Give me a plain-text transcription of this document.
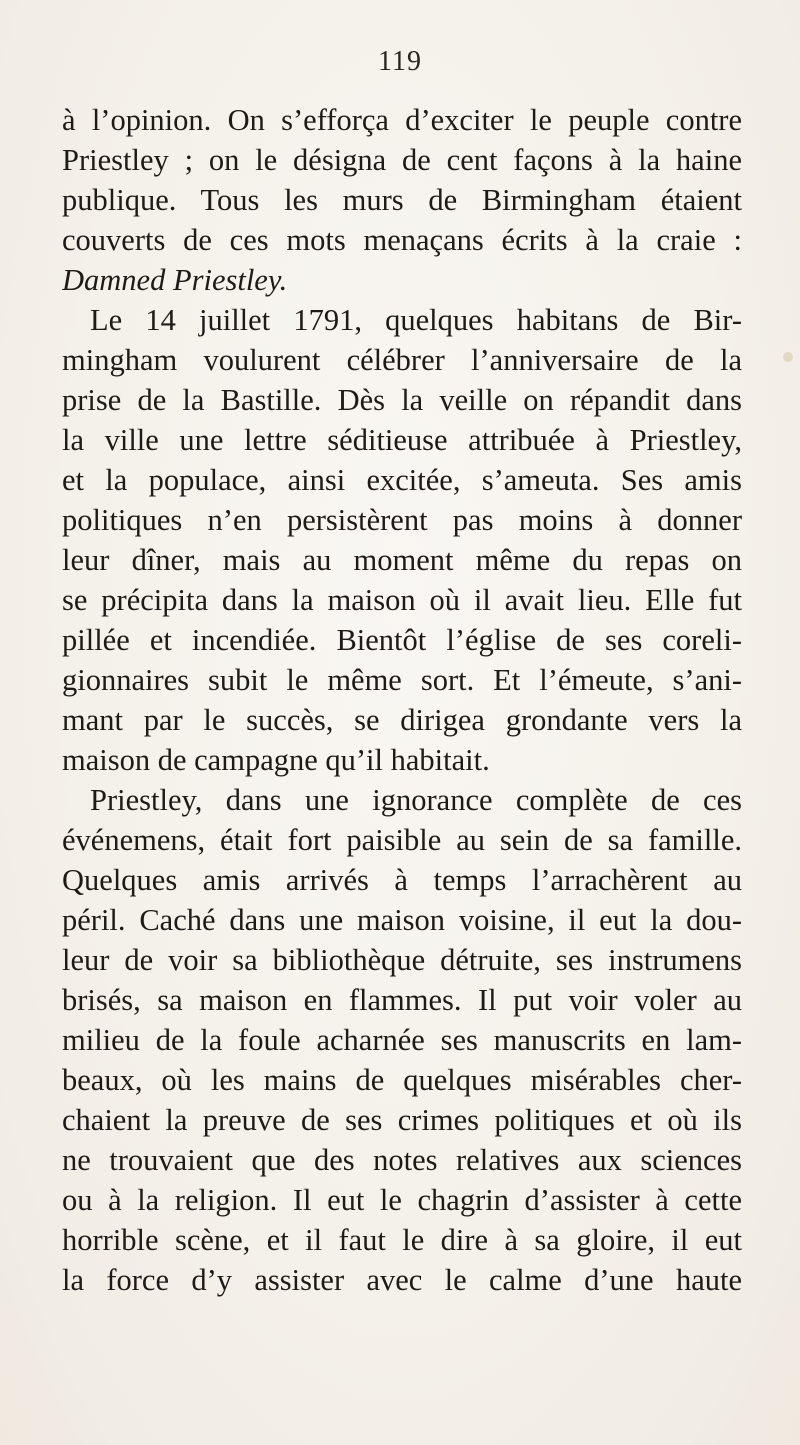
119
à l’opinion. On s’efforça d’exciter le peuple contre
Priestley ; on le désigna de cent façons à la haine
publique. Tous les murs de Birmingham étaient
couverts de ces mots menaçans écrits à la craie :
Damned Priestley.
Le 14 juillet 1791, quelques habitans de Bir-
mingham voulurent célébrer l’anniversaire de la
prise de la Bastille. Dès la veille on répandit dans
la ville une lettre séditieuse attribuée à Priestley,
et la populace, ainsi excitée, s’ameuta. Ses amis
politiques n’en persistèrent pas moins à donner
leur dîner, mais au moment même du repas on
se précipita dans la maison où il avait lieu. Elle fut
pillée et incendiée. Bientôt l’église de ses coreli-
gionnaires subit le même sort. Et l’émeute, s’ani-
mant par le succès, se dirigea grondante vers la
maison de campagne qu’il habitait.
Priestley, dans une ignorance complète de ces
événemens, était fort paisible au sein de sa famille.
Quelques amis arrivés à temps l’arrachèrent au
péril. Caché dans une maison voisine, il eut la dou-
leur de voir sa bibliothèque détruite, ses instrumens
brisés, sa maison en flammes. Il put voir voler au
milieu de la foule acharnée ses manuscrits en lam-
beaux, où les mains de quelques misérables cher-
chaient la preuve de ses crimes politiques et où ils
ne trouvaient que des notes relatives aux sciences
ou à la religion. Il eut le chagrin d’assister à cette
horrible scène, et il faut le dire à sa gloire, il eut
la force d’y assister avec le calme d’une haute
